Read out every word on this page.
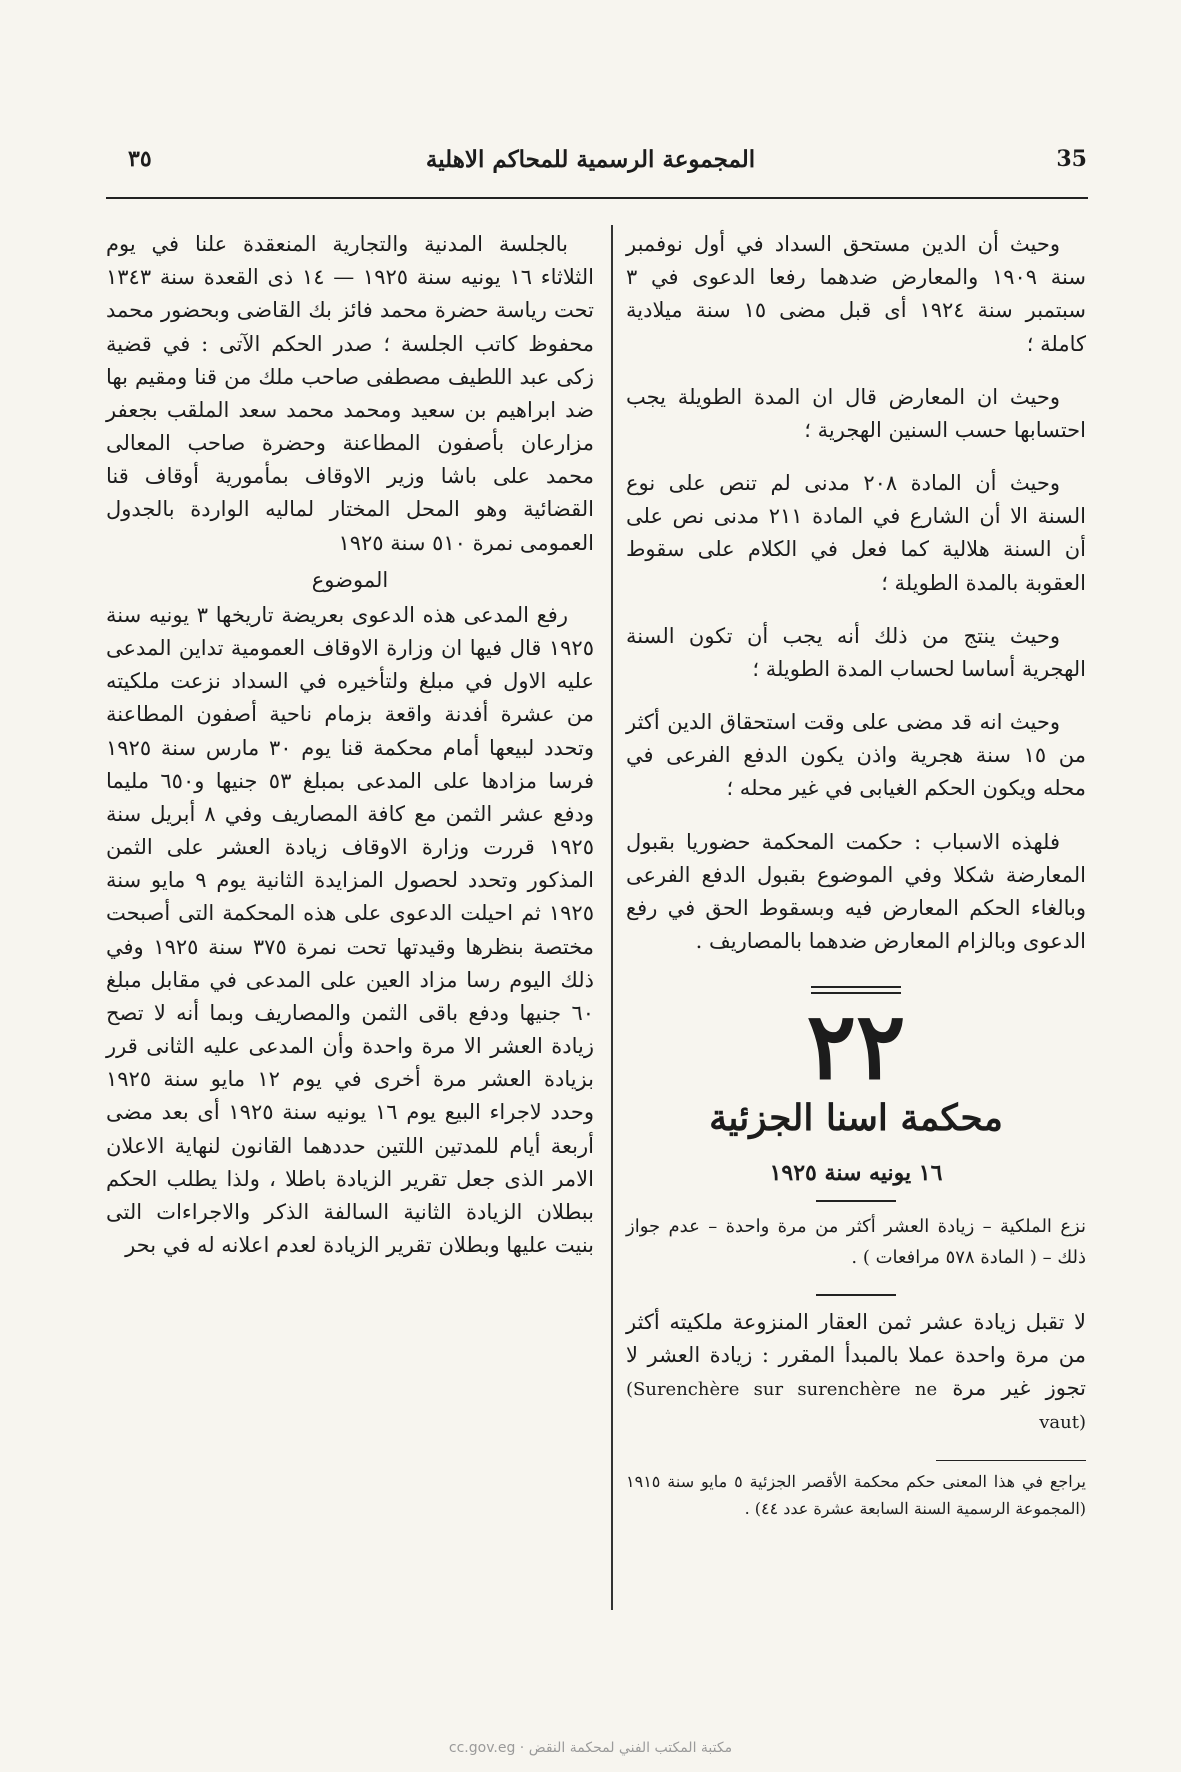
35
المجموعة الرسمية للمحاكم الاهلية
٣٥

وحيث أن الدين مستحق السداد في أول نوفمبر سنة ١٩٠٩ والمعارض ضدهما رفعا الدعوى في ٣ سبتمبر سنة ١٩٢٤ أى قبل مضى ١٥ سنة ميلادية كاملة ؛

وحيث ان المعارض قال ان المدة الطويلة يجب احتسابها حسب السنين الهجرية ؛

وحيث أن المادة ٢٠٨ مدنى لم تنص على نوع السنة الا أن الشارع في المادة ٢١١ مدنى نص على أن السنة هلالية كما فعل في الكلام على سقوط العقوبة بالمدة الطويلة ؛

وحيث ينتج من ذلك أنه يجب أن تكون السنة الهجرية أساسا لحساب المدة الطويلة ؛

وحيث انه قد مضى على وقت استحقاق الدين أكثر من ١٥ سنة هجرية واذن يكون الدفع الفرعى في محله ويكون الحكم الغيابى في غير محله ؛

فلهذه الاسباب : حكمت المحكمة حضوريا بقبول المعارضة شكلا وفي الموضوع بقبول الدفع الفرعى وبالغاء الحكم المعارض فيه وبسقوط الحق في رفع الدعوى وبالزام المعارض ضدهما بالمصاريف .

٢٢
محكمة اسنا الجزئية
١٦ يونيه سنة ١٩٢٥

نزع الملكية – زيادة العشر أكثر من مرة واحدة – عدم جواز ذلك – ( المادة ٥٧٨ مرافعات ) .

لا تقبل زيادة عشر ثمن العقار المنزوعة ملكيته أكثر من مرة واحدة عملا بالمبدأ المقرر : زيادة العشر لا تجوز غير مرة (Surenchère sur surenchère ne vaut)

يراجع في هذا المعنى حكم محكمة الأقصر الجزئية ٥ مايو سنة ١٩١٥ (المجموعة الرسمية السنة السابعة عشرة عدد ٤٤) .

بالجلسة المدنية والتجارية المنعقدة علنا في يوم الثلاثاء ١٦ يونيه سنة ١٩٢٥ — ١٤ ذى القعدة سنة ١٣٤٣ تحت رياسة حضرة محمد فائز بك القاضى وبحضور محمد محفوظ كاتب الجلسة ؛ صدر الحكم الآتى : في قضية زكى عبد اللطيف مصطفى صاحب ملك من قنا ومقيم بها ضد ابراهيم بن سعيد ومحمد محمد سعد الملقب بجعفر مزارعان بأصفون المطاعنة وحضرة صاحب المعالى محمد على باشا وزير الاوقاف بمأمورية أوقاف قنا القضائية وهو المحل المختار لماليه الواردة بالجدول العمومى نمرة ٥١٠ سنة ١٩٢٥

الموضوع

رفع المدعى هذه الدعوى بعريضة تاريخها ٣ يونيه سنة ١٩٢٥ قال فيها ان وزارة الاوقاف العمومية تداين المدعى عليه الاول في مبلغ ولتأخيره في السداد نزعت ملكيته من عشرة أفدنة واقعة بزمام ناحية أصفون المطاعنة وتحدد لبيعها أمام محكمة قنا يوم ٣٠ مارس سنة ١٩٢٥ فرسا مزادها على المدعى بمبلغ ٥٣ جنيها و٦٥٠ مليما ودفع عشر الثمن مع كافة المصاريف وفي ٨ أبريل سنة ١٩٢٥ قررت وزارة الاوقاف زيادة العشر على الثمن المذكور وتحدد لحصول المزايدة الثانية يوم ٩ مايو سنة ١٩٢٥ ثم احيلت الدعوى على هذه المحكمة التى أصبحت مختصة بنظرها وقيدتها تحت نمرة ٣٧٥ سنة ١٩٢٥ وفي ذلك اليوم رسا مزاد العين على المدعى في مقابل مبلغ ٦٠ جنيها ودفع باقى الثمن والمصاريف وبما أنه لا تصح زيادة العشر الا مرة واحدة وأن المدعى عليه الثانى قرر بزيادة العشر مرة أخرى في يوم ١٢ مايو سنة ١٩٢٥ وحدد لاجراء البيع يوم ١٦ يونيه سنة ١٩٢٥ أى بعد مضى أربعة أيام للمدتين اللتين حددهما القانون لنهاية الاعلان الامر الذى جعل تقرير الزيادة باطلا ، ولذا يطلب الحكم ببطلان الزيادة الثانية السالفة الذكر والاجراءات التى بنيت عليها وبطلان تقرير الزيادة لعدم اعلانه له في بحر

cc.gov.eg · مكتبة المكتب الفني لمحكمة النقض
